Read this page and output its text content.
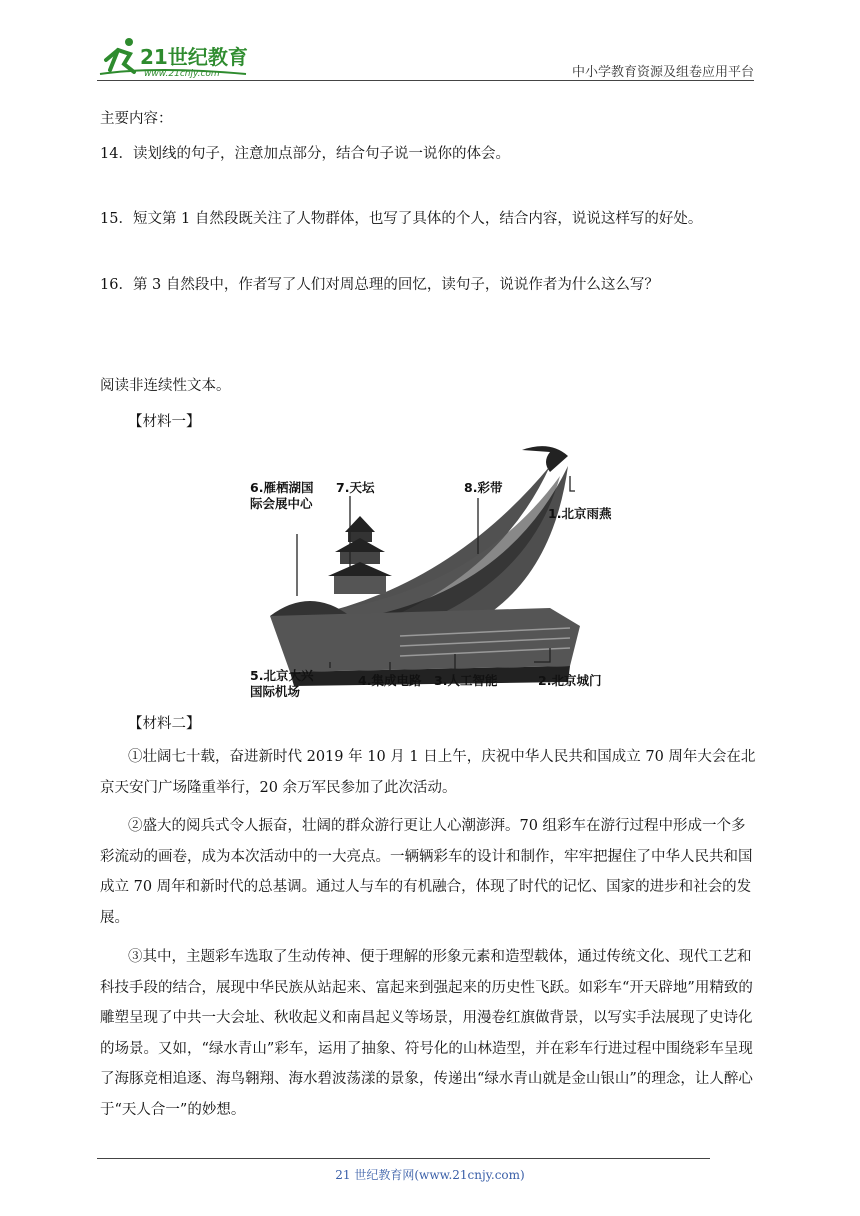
21世纪教育
www.21cnjy.com	中小学教育资源及组卷应用平台
主要内容：
14．读划线的句子，注意加点部分，结合句子说一说你的体会。
15．短文第 1 自然段既关注了人物群体，也写了具体的个人，结合内容，说说这样写的好处。
16．第 3 自然段中，作者写了人们对周总理的回忆，读句子，说说作者为什么这么写？
阅读非连续性文本。
【材料一】
6.雁栖湖国
际会展中心
7.天坛	8.彩带
1.北京雨燕
5.北京大兴
国际机场
4.集成电路 3.人工智能	2.北京城门
【材料二】
①壮阔七十载，奋进新时代 2019 年 10 月 1 日上午，庆祝中华人民共和国成立 70 周年大会在北京天安门广场隆重举行，20 余万军民参加了此次活动。
②盛大的阅兵式令人振奋，壮阔的群众游行更让人心潮澎湃。70 组彩车在游行过程中形成一个多彩流动的画卷，成为本次活动中的一大亮点。一辆辆彩车的设计和制作，牢牢把握住了中华人民共和国成立 70 周年和新时代的总基调。通过人与车的有机融合，体现了时代的记忆、国家的进步和社会的发展。
③其中，主题彩车选取了生动传神、便于理解的形象元素和造型载体，通过传统文化、现代工艺和科技手段的结合，展现中华民族从站起来、富起来到强起来的历史性飞跃。如彩车“开天辟地”用精致的雕塑呈现了中共一大会址、秋收起义和南昌起义等场景，用漫卷红旗做背景，以写实手法展现了史诗化的场景。又如，“绿水青山”彩车，运用了抽象、符号化的山林造型，并在彩车行进过程中围绕彩车呈现了海豚竞相追逐、海鸟翱翔、海水碧波荡漾的景象，传递出“绿水青山就是金山银山”的理念，让人醉心于“天人合一”的妙想。
21 世纪教育网(www.21cnjy.com)
